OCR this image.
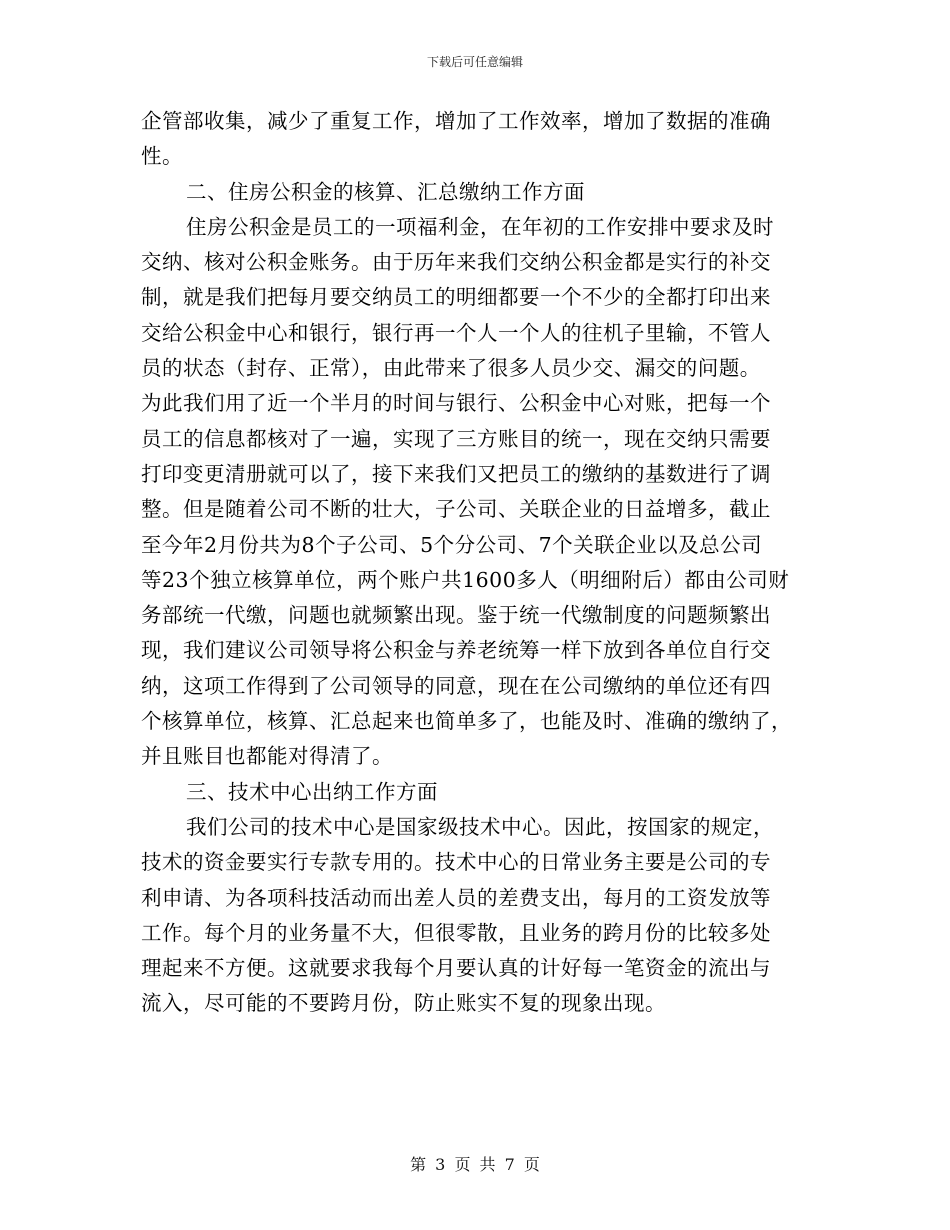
下载后可任意编辑
企管部收集，减少了重复工作，增加了工作效率，增加了数据的准确
性。
二、住房公积金的核算、汇总缴纳工作方面
住房公积金是员工的一项福利金，在年初的工作安排中要求及时
交纳、核对公积金账务。由于历年来我们交纳公积金都是实行的补交
制，就是我们把每月要交纳员工的明细都要一个不少的全都打印出来
交给公积金中心和银行，银行再一个人一个人的往机子里输，不管人
员的状态（封存、正常），由此带来了很多人员少交、漏交的问题。
为此我们用了近一个半月的时间与银行、公积金中心对账，把每一个
员工的信息都核对了一遍，实现了三方账目的统一，现在交纳只需要
打印变更清册就可以了，接下来我们又把员工的缴纳的基数进行了调
整。但是随着公司不断的壮大，子公司、关联企业的日益增多，截止
至今年2月份共为8个子公司、5个分公司、7个关联企业以及总公司
等23个独立核算单位，两个账户共1600多人（明细附后）都由公司财
务部统一代缴，问题也就频繁出现。鉴于统一代缴制度的问题频繁出
现，我们建议公司领导将公积金与养老统筹一样下放到各单位自行交
纳，这项工作得到了公司领导的同意，现在在公司缴纳的单位还有四
个核算单位，核算、汇总起来也简单多了，也能及时、准确的缴纳了，
并且账目也都能对得清了。
三、技术中心出纳工作方面
我们公司的技术中心是国家级技术中心。因此，按国家的规定，
技术的资金要实行专款专用的。技术中心的日常业务主要是公司的专
利申请、为各项科技活动而出差人员的差费支出，每月的工资发放等
工作。每个月的业务量不大，但很零散，且业务的跨月份的比较多处
理起来不方便。这就要求我每个月要认真的计好每一笔资金的流出与
流入，尽可能的不要跨月份，防止账实不复的现象出现。
第 3 页 共 7 页
